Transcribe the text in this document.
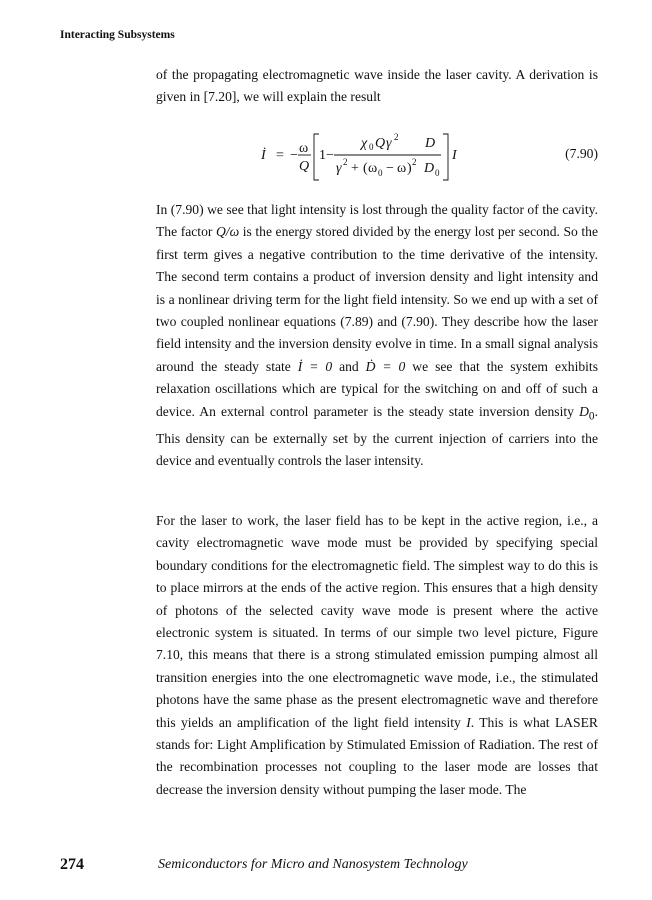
Interacting Subsystems

of the propagating electromagnetic wave inside the laser cavity. A derivation is given in [7.20], we will explain the result

İ = − ω
Q
1−
χ 0 Q γ 2
γ 2 + ( ω 0 − ω ) 2
D
D 0
I	(7.90)

In (7.90) we see that light intensity is lost through the quality factor of the cavity. The factor Q/ω is the energy stored divided by the energy lost per second. So the first term gives a negative contribution to the time derivative of the intensity. The second term contains a product of inversion density and light intensity and is a nonlinear driving term for the light field intensity. So we end up with a set of two coupled nonlinear equations (7.89) and (7.90). They describe how the laser field intensity and the inversion density evolve in time. In a small signal analysis around the steady state İ = 0 and Ḋ = 0 we see that the system exhibits relaxation oscillations which are typical for the switching on and off of such a device. An external control parameter is the steady state inversion density $D_0$. This density can be externally set by the current injection of carriers into the device and eventually controls the laser intensity.

For the laser to work, the laser field has to be kept in the active region, i.e., a cavity electromagnetic wave mode must be provided by specifying special boundary conditions for the electromagnetic field. The simplest way to do this is to place mirrors at the ends of the active region. This ensures that a high density of photons of the selected cavity wave mode is present where the active electronic system is situated. In terms of our simple two level picture, Figure 7.10, this means that there is a strong stimulated emission pumping almost all transition energies into the one electromagnetic wave mode, i.e., the stimulated photons have the same phase as the present electromagnetic wave and therefore this yields an amplification of the light field intensity I. This is what LASER stands for: Light Amplification by Stimulated Emission of Radiation. The rest of the recombination processes not coupling to the laser mode are losses that decrease the inversion density without pumping the laser mode. The

274	Semiconductors for Micro and Nanosystem Technology
